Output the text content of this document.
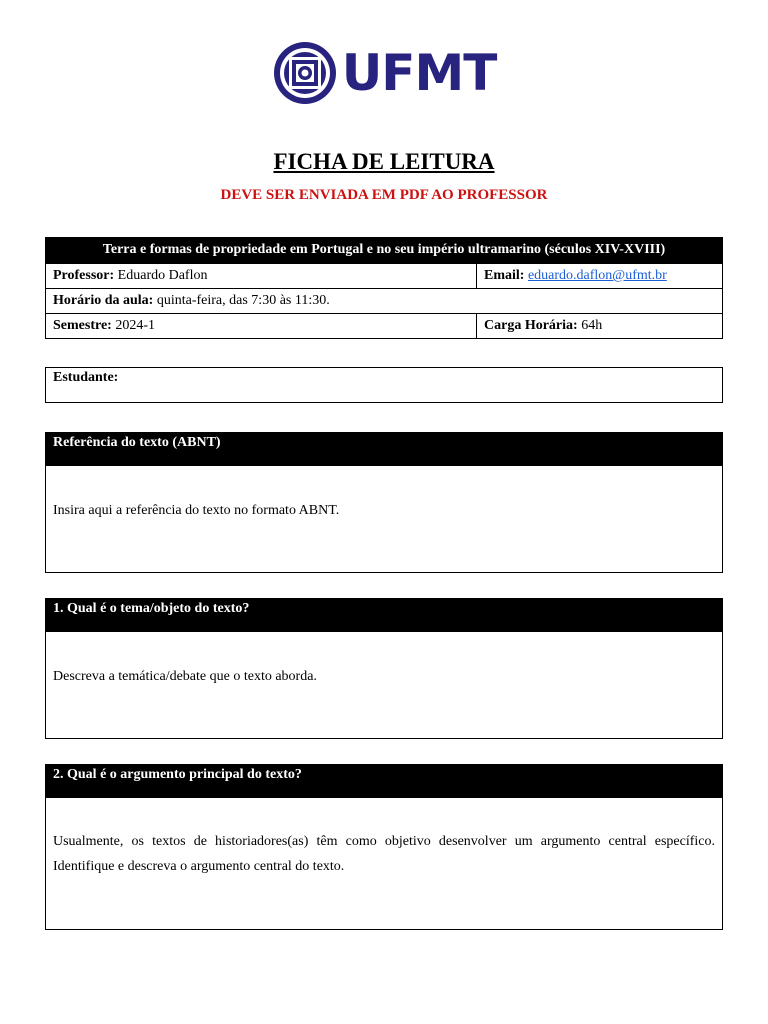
UFMT
FICHA DE LEITURA
DEVE SER ENVIADA EM PDF AO PROFESSOR
Terra e formas de propriedade em Portugal e no seu império ultramarino (séculos XIV-XVIII)	
Professor: Eduardo Daflon	Email: eduardo.daflon@ufmt.br
Horário da aula: quinta-feira, das 7:30 às 11:30.	
Semestre: 2024-1	Carga Horária: 64h
Estudante:
Referência do texto (ABNT)
Insira aqui a referência do texto no formato ABNT.
1. Qual é o tema/objeto do texto?
Descreva a temática/debate que o texto aborda.
2. Qual é o argumento principal do texto?
Usualmente, os textos de historiadores(as) têm como objetivo desenvolver um argumento central específico. Identifique e descreva o argumento central do texto.
